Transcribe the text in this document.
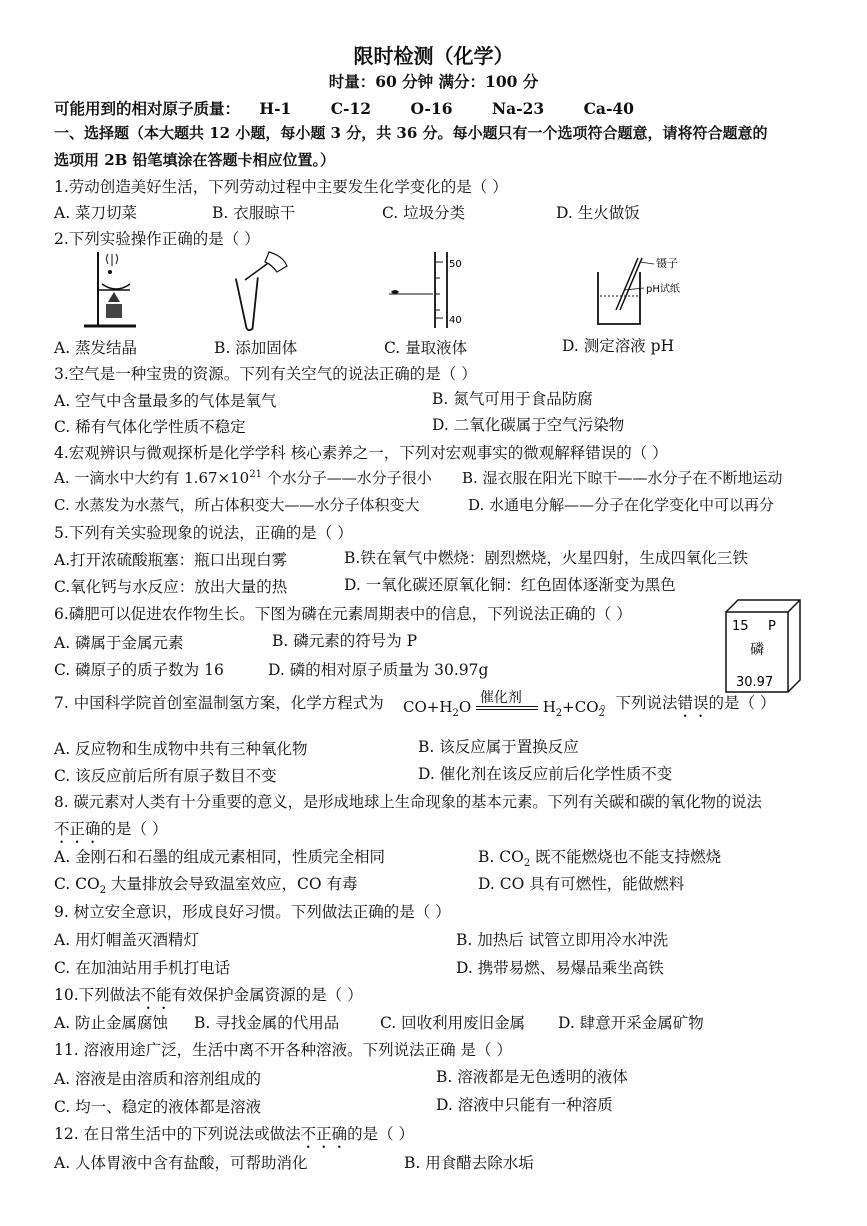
限时检测（化学）
时量：60 分钟 满分：100 分
可能用到的相对原子质量： H-1	C-12	O-16	Na-23	Ca-40
一、选择题（本大题共 12 小题，每小题 3 分，共 36 分。每小题只有一个选项符合题意，请将符合题意的
选项用 2B 铅笔填涂在答题卡相应位置。）
1.劳动创造美好生活，下列劳动过程中主要发生化学变化的是（ ）
A. 菜刀切菜	B. 衣服晾干	C. 垃圾分类	D. 生火做饭
2.下列实验操作正确的是（ ）
50
40
镊子
pH试纸
A. 蒸发结晶	B. 添加固体	C. 量取液体	D. 测定溶液 pH
3.空气是一种宝贵的资源。下列有关空气的说法正确的是（ ）
A. 空气中含量最多的气体是氧气	B. 氮气可用于食品防腐
C. 稀有气体化学性质不稳定	D. 二氧化碳属于空气污染物
4.宏观辨识与微观探析是化学学科 核心素养之一，下列对宏观事实的微观解释错误的（ ）
A. 一滴水中大约有 $1.67\times 10^{21}$ 个水分子——水分子很小 B. 湿衣服在阳光下晾干——水分子在不断地运动
C. 水蒸发为水蒸气，所占体积变大——水分子体积变大	D. 水通电分解——分子在化学变化中可以再分
5.下列有关实验现象的说法，正确的是（ ）
A.打开浓硫酸瓶塞：瓶口出现白雾	B.铁在氧气中燃烧：剧烈燃烧，火星四射，生成四氧化三铁
C.氧化钙与水反应：放出大量的热	D. 一氧化碳还原氧化铜：红色固体逐渐变为黑色
6.磷肥可以促进农作物生长。下图为磷在元素周期表中的信息，下列说法正确的（ ）
A. 磷属于金属元素	B. 磷元素的符号为 P
C. 磷原子的质子数为 16	D. 磷的相对原子质量为 30.97g
15 P
磷
30.97
7. 中国科学院首创室温制氢方案，化学方程式为 $CO+H_2O$ 催化剂 $H_2+CO_2$
。下列说法错误的是（ ）
A. 反应物和生成物中共有三种氧化物	B. 该反应属于置换反应
C. 该反应前后所有原子数目不变	D. 催化剂在该反应前后化学性质不变
8. 碳元素对人类有十分重要的意义，是形成地球上生命现象的基本元素。下列有关碳和碳的氧化物的说法
不正确的是（ ）
A. 金刚石和石墨的组成元素相同，性质完全相同	B. $CO_2$ 既不能燃烧也不能支持燃烧
C. $CO_2$ 大量排放会导致温室效应，CO 有毒	D. CO 具有可燃性，能做燃料
9. 树立安全意识，形成良好习惯。下列做法正确的是（ ）
A. 用灯帽盖灭酒精灯	B. 加热后 试管立即用冷水冲洗
C. 在加油站用手机打电话	D. 携带易燃、易爆品乘坐高铁
10.下列做法不能有效保护金属资源的是（ ）
A. 防止金属腐蚀 B. 寻找金属的代用品	C. 回收利用废旧金属 D. 肆意开采金属矿物
11. 溶液用途广泛，生活中离不开各种溶液。下列说法正确 是（ ）
A. 溶液是由溶质和溶剂组成的	B. 溶液都是无色透明的液体
C. 均一、稳定的液体都是溶液	D. 溶液中只能有一种溶质
12. 在日常生活中的下列说法或做法不正确的是（ ）
A. 人体胃液中含有盐酸，可帮助消化	B. 用食醋去除水垢
